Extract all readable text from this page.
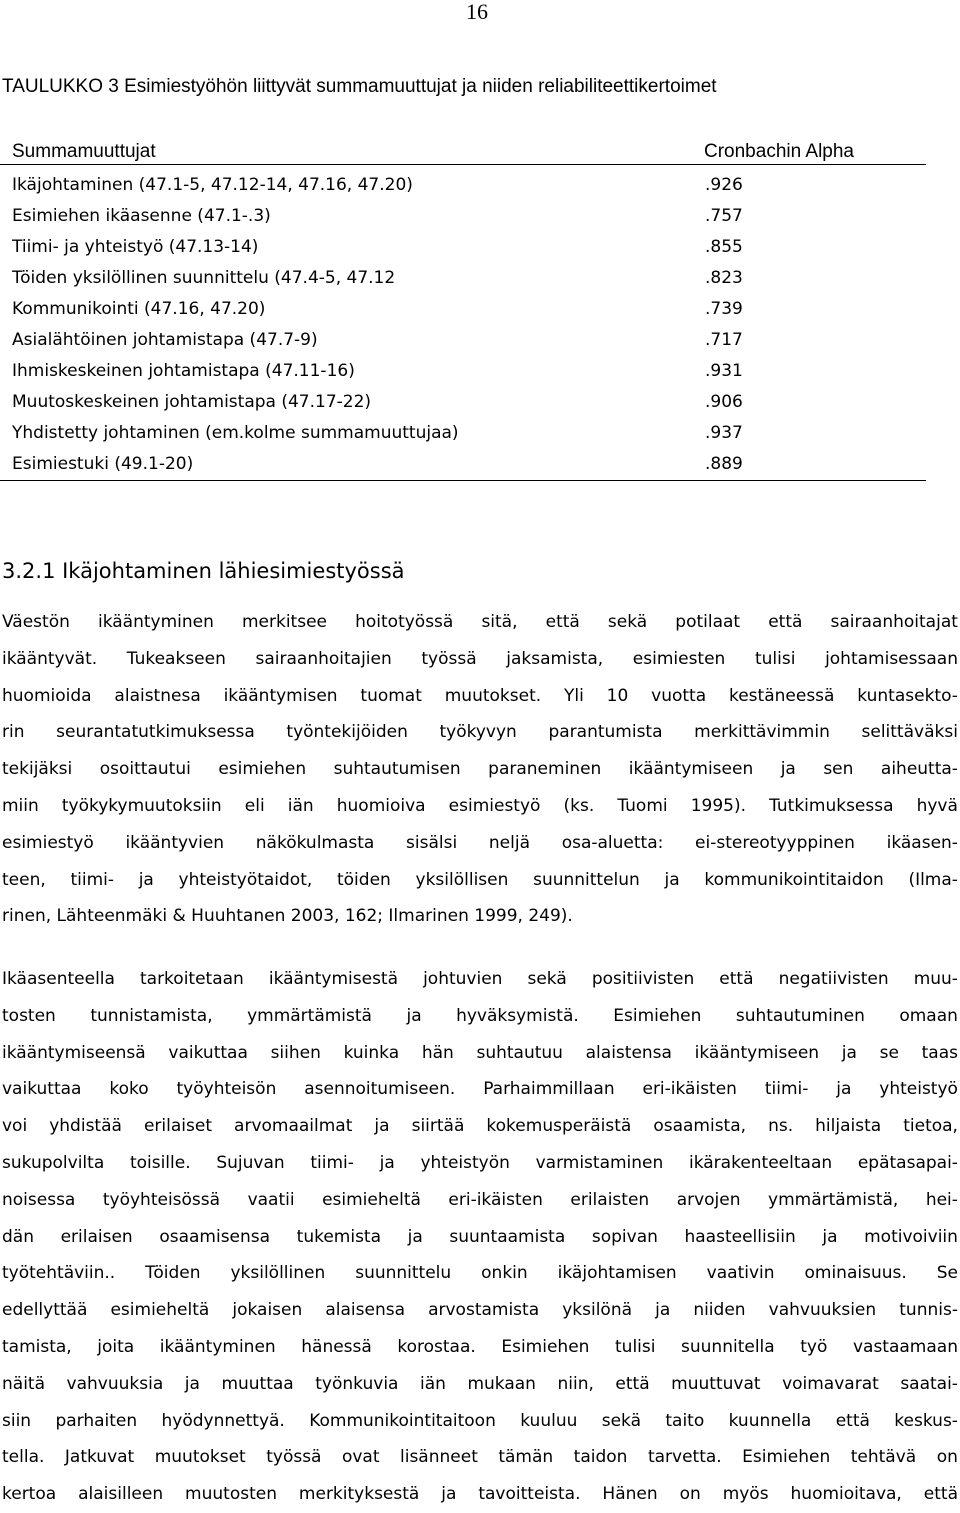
16
TAULUKKO 3 Esimiestyöhön liittyvät summamuuttujat ja niiden reliabiliteettikertoimet
Summamuuttujat	Cronbachin Alpha
Ikäjohtaminen (47.1-5, 47.12-14, 47.16, 47.20)	.926
Esimiehen ikäasenne (47.1-.3)	.757
Tiimi- ja yhteistyö (47.13-14)	.855
Töiden yksilöllinen suunnittelu (47.4-5, 47.12	.823
Kommunikointi (47.16, 47.20)	.739
Asialähtöinen johtamistapa (47.7-9)	.717
Ihmiskeskeinen johtamistapa (47.11-16)	.931
Muutoskeskeinen johtamistapa (47.17-22)	.906
Yhdistetty johtaminen (em.kolme summamuuttujaa)	.937
Esimiestuki (49.1-20)	.889
3.2.1 Ikäjohtaminen lähiesimiestyössä
Väestön ikääntyminen merkitsee hoitotyössä sitä, että sekä potilaat että sairaanhoitajat
ikääntyvät. Tukeakseen sairaanhoitajien työssä jaksamista, esimiesten tulisi johtamisessaan
huomioida alaistnesa ikääntymisen tuomat muutokset. Yli 10 vuotta kestäneessä kuntasekto-
rin seurantatutkimuksessa työntekijöiden työkyvyn parantumista merkittävimmin selittäväksi
tekijäksi osoittautui esimiehen suhtautumisen paraneminen ikääntymiseen ja sen aiheutta-
miin työkykymuutoksiin eli iän huomioiva esimiestyö (ks. Tuomi 1995). Tutkimuksessa hyvä
esimiestyö ikääntyvien näkökulmasta sisälsi neljä osa-aluetta: ei-stereotyyppinen ikäasen-
teen, tiimi- ja yhteistyötaidot, töiden yksilöllisen suunnittelun ja kommunikointitaidon (Ilma-
rinen, Lähteenmäki & Huuhtanen 2003, 162; Ilmarinen 1999, 249).
Ikäasenteella tarkoitetaan ikääntymisestä johtuvien sekä positiivisten että negatiivisten muu-
tosten tunnistamista, ymmärtämistä ja hyväksymistä. Esimiehen suhtautuminen omaan
ikääntymiseensä vaikuttaa siihen kuinka hän suhtautuu alaistensa ikääntymiseen ja se taas
vaikuttaa koko työyhteisön asennoitumiseen. Parhaimmillaan eri-ikäisten tiimi- ja yhteistyö
voi yhdistää erilaiset arvomaailmat ja siirtää kokemusperäistä osaamista, ns. hiljaista tietoa,
sukupolvilta toisille. Sujuvan tiimi- ja yhteistyön varmistaminen ikärakenteeltaan epätasapai-
noisessa työyhteisössä vaatii esimieheltä eri-ikäisten erilaisten arvojen ymmärtämistä, hei-
dän erilaisen osaamisensa tukemista ja suuntaamista sopivan haasteellisiin ja motivoiviin
työtehtäviin.. Töiden yksilöllinen suunnittelu onkin ikäjohtamisen vaativin ominaisuus. Se
edellyttää esimieheltä jokaisen alaisensa arvostamista yksilönä ja niiden vahvuuksien tunnis-
tamista, joita ikääntyminen hänessä korostaa. Esimiehen tulisi suunnitella työ vastaamaan
näitä vahvuuksia ja muuttaa työnkuvia iän mukaan niin, että muuttuvat voimavarat saatai-
siin parhaiten hyödynnettyä. Kommunikointitaitoon kuuluu sekä taito kuunnella että keskus-
tella. Jatkuvat muutokset työssä ovat lisänneet tämän taidon tarvetta. Esimiehen tehtävä on
kertoa alaisilleen muutosten merkityksestä ja tavoitteista. Hänen on myös huomioitava, että
